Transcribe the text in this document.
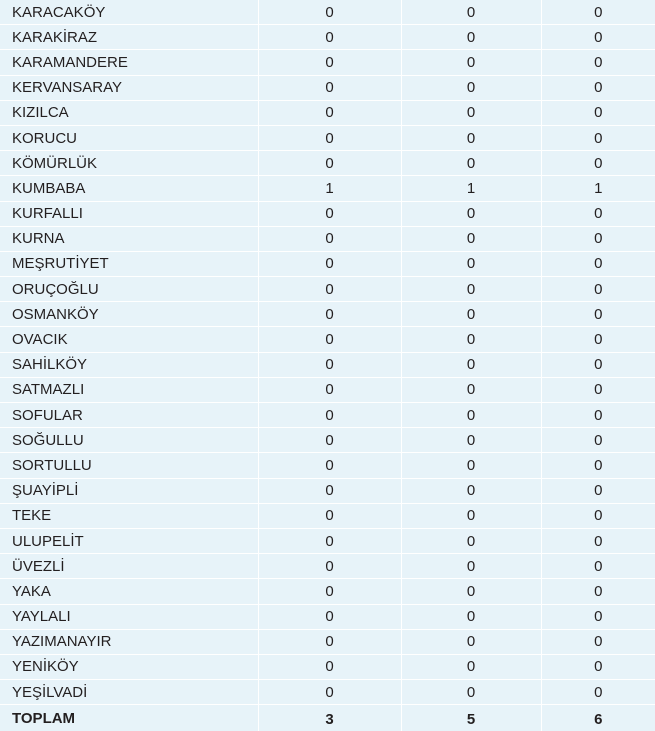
KARACAKÖY	0	0	0
KARAKİRAZ	0	0	0
KARAMANDERE	0	0	0
KERVANSARAY	0	0	0
KIZILCA	0	0	0
KORUCU	0	0	0
KÖMÜRLÜK	0	0	0
KUMBABA	1	1	1
KURFALLI	0	0	0
KURNA	0	0	0
MEŞRUTİYET	0	0	0
ORUÇOĞLU	0	0	0
OSMANKÖY	0	0	0
OVACIK	0	0	0
SAHİLKÖY	0	0	0
SATMAZLI	0	0	0
SOFULAR	0	0	0
SOĞULLU	0	0	0
SORTULLU	0	0	0
ŞUAYİPLİ	0	0	0
TEKE	0	0	0
ULUPELİT	0	0	0
ÜVEZLİ	0	0	0
YAKA	0	0	0
YAYLALI	0	0	0
YAZIMANAYIR	0	0	0
YENİKÖY	0	0	0
YEŞİLVADİ	0	0	0
TOPLAM	3	5	6
